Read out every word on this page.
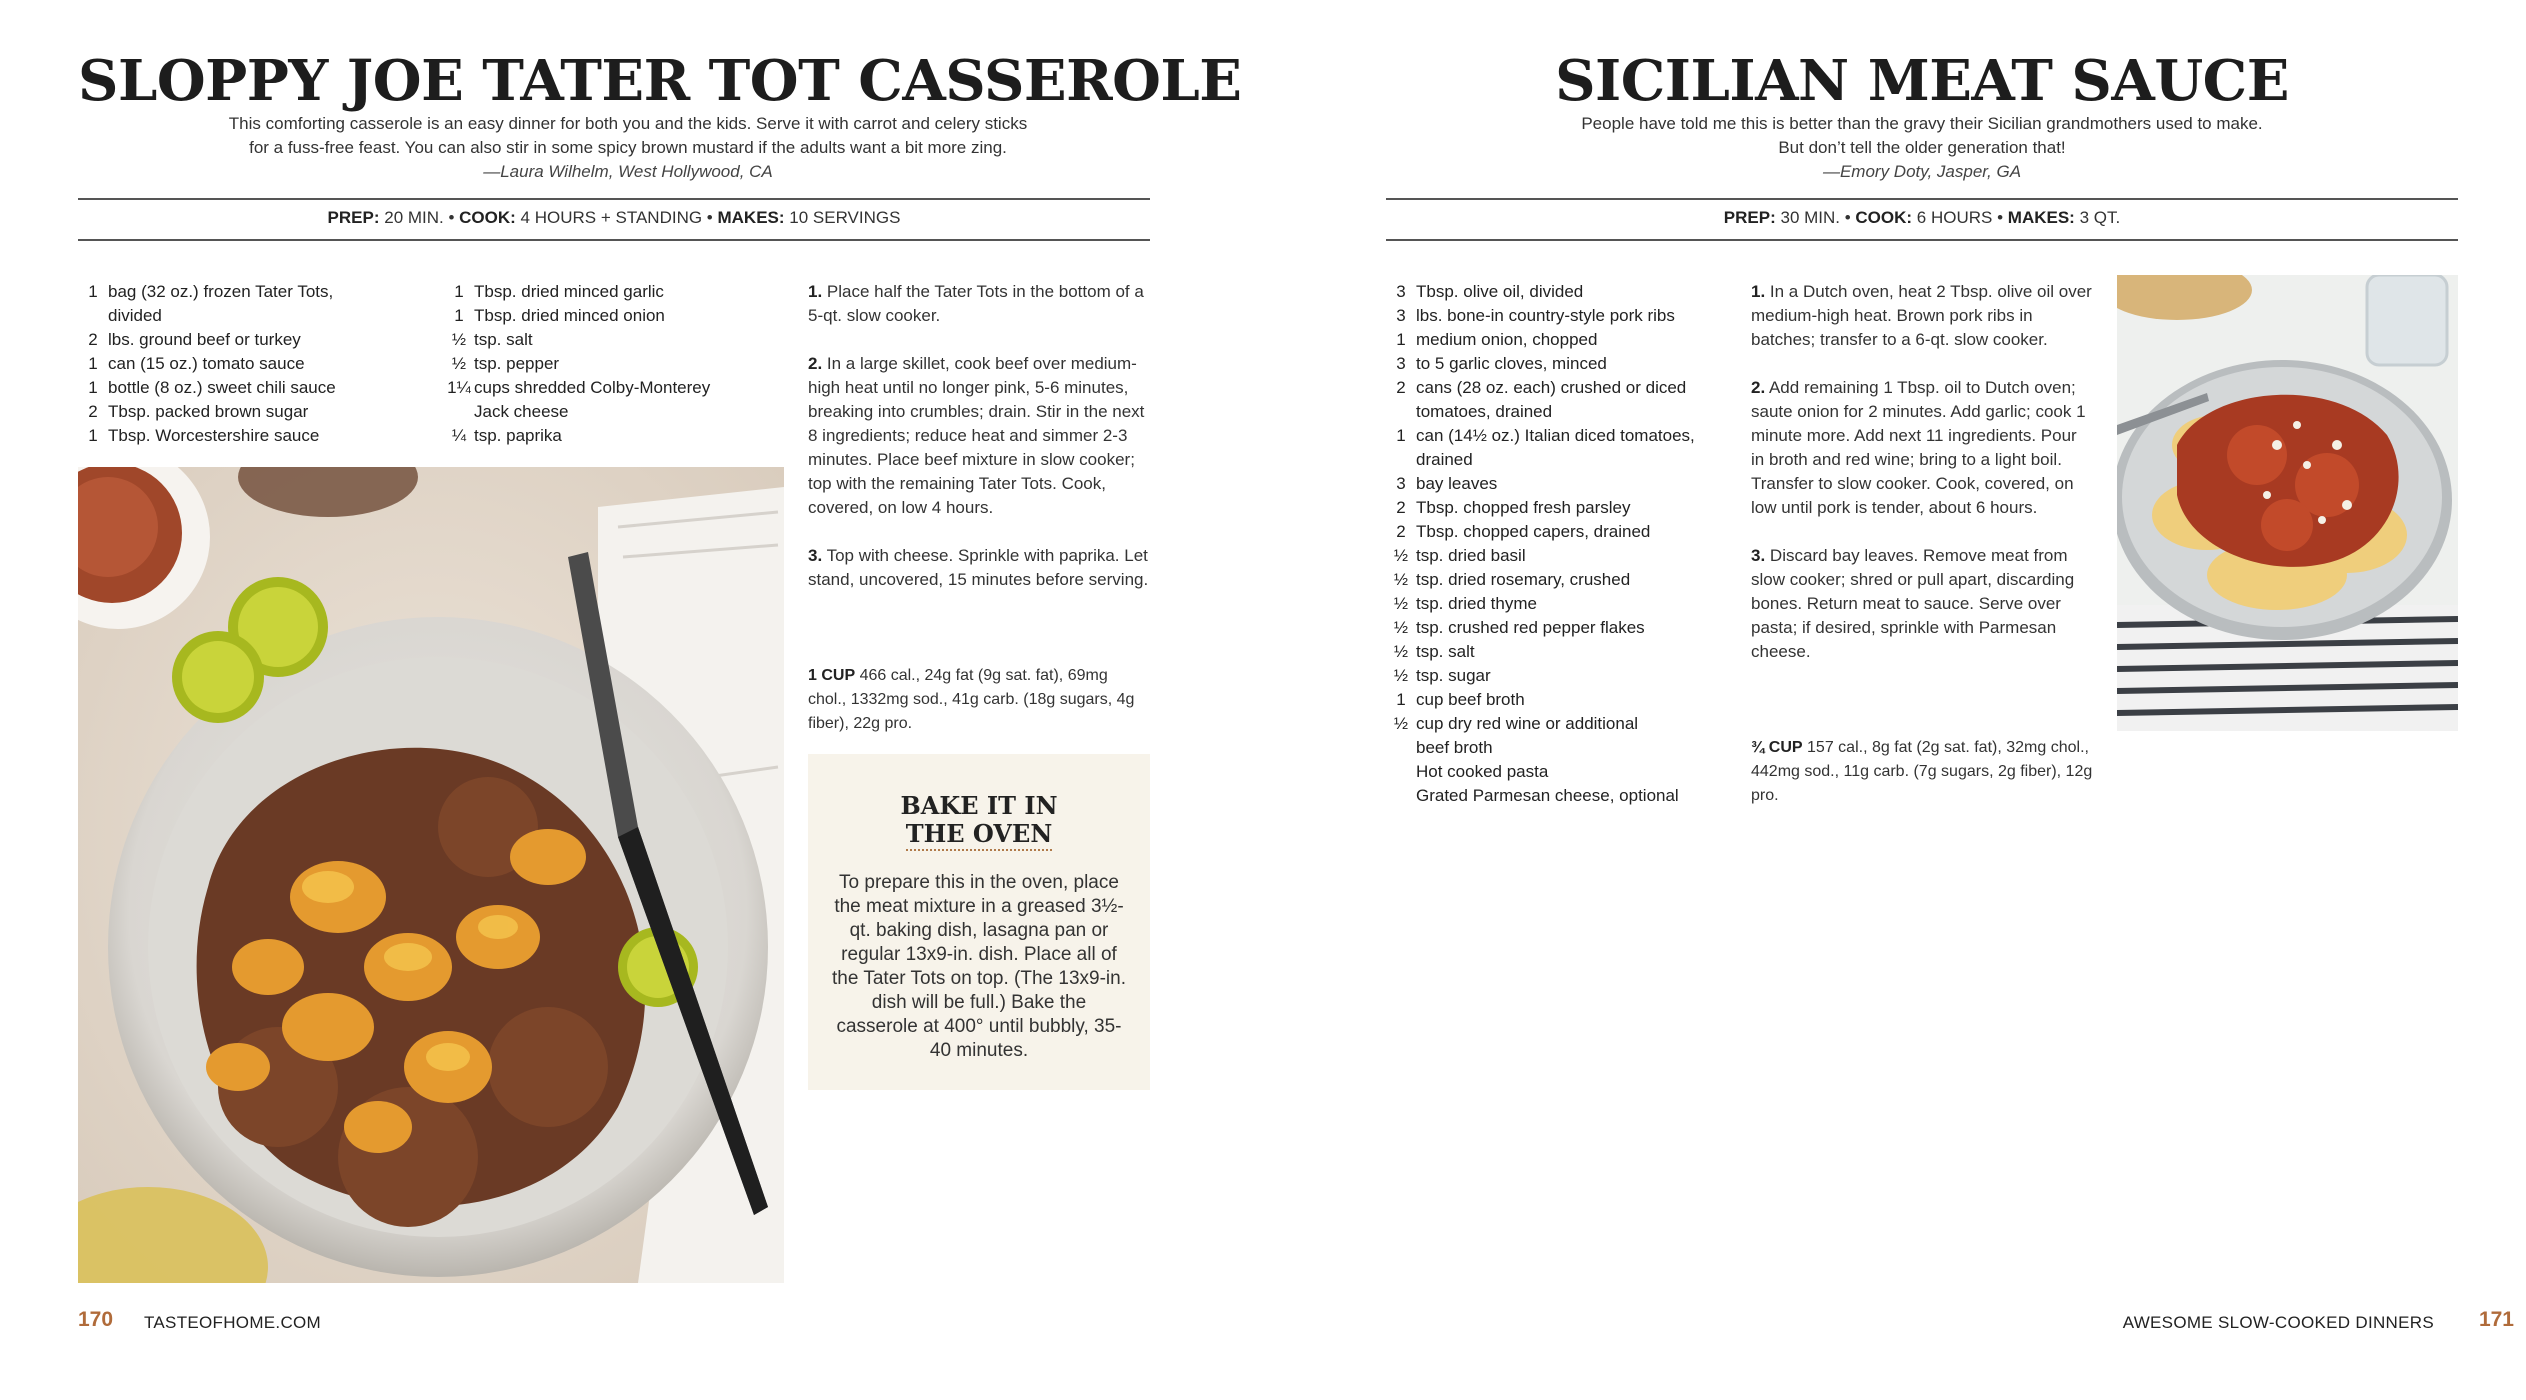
SLOPPY JOE TATER TOT CASSEROLE
This comforting casserole is an easy dinner for both you and the kids. Serve it with carrot and celery sticks
for a fuss-free feast. You can also stir in some spicy brown mustard if the adults want a bit more zing.
—Laura Wilhelm, West Hollywood, CA
PREP: 20 MIN. • COOK: 4 HOURS + STANDING • MAKES: 10 SERVINGS
1 bag (32 oz.) frozen Tater Tots,
divided
2 lbs. ground beef or turkey
1 can (15 oz.) tomato sauce
1 bottle (8 oz.) sweet chili sauce
2 Tbsp. packed brown sugar
1 Tbsp. Worcestershire sauce
1 Tbsp. dried minced garlic
1 Tbsp. dried minced onion
½ tsp. salt
½ tsp. pepper
1¼ cups shredded Colby-Monterey
Jack cheese
¼ tsp. paprika

1. Place half the Tater Tots in the bottom of a 5-qt. slow cooker.

2. In a large skillet, cook beef over medium-high heat until no longer pink, 5-6 minutes, breaking into crumbles; drain. Stir in the next 8 ingredients; reduce heat and simmer 2-3 minutes. Place beef mixture in slow cooker; top with the remaining Tater Tots. Cook, covered, on low 4 hours.

3. Top with cheese. Sprinkle with paprika. Let stand, uncovered, 15 minutes before serving.

1 CUP 466 cal., 24g fat (9g sat. fat), 69mg chol., 1332mg sod., 41g carb. (18g sugars, 4g fiber), 22g pro.
BAKE IT IN
THE OVEN
To prepare this in the oven, place the meat mixture in a greased 3½-qt. baking dish, lasagna pan or regular 13x9-in. dish. Place all of the Tater Tots on top. (The 13x9-in. dish will be full.) Bake the casserole at 400° until bubbly, 35-40 minutes.
170 TASTEOFHOME.COM
SICILIAN MEAT SAUCE
People have told me this is better than the gravy their Sicilian grandmothers used to make.
But don’t tell the older generation that!
—Emory Doty, Jasper, GA
PREP: 30 MIN. • COOK: 6 HOURS • MAKES: 3 QT.
3 Tbsp. olive oil, divided
3 lbs. bone-in country-style pork ribs
1 medium onion, chopped
3 to 5 garlic cloves, minced
2 cans (28 oz. each) crushed or diced
tomatoes, drained
1 can (14½ oz.) Italian diced tomatoes,
drained
3 bay leaves
2 Tbsp. chopped fresh parsley
2 Tbsp. chopped capers, drained
½ tsp. dried basil
½ tsp. dried rosemary, crushed
½ tsp. dried thyme
½ tsp. crushed red pepper flakes
½ tsp. salt
½ tsp. sugar
1 cup beef broth
½ cup dry red wine or additional
beef broth
Hot cooked pasta
Grated Parmesan cheese, optional

1. In a Dutch oven, heat 2 Tbsp. olive oil over medium-high heat. Brown pork ribs in batches; transfer to a 6-qt. slow cooker.

2. Add remaining 1 Tbsp. oil to Dutch oven; saute onion for 2 minutes. Add garlic; cook 1 minute more. Add next 11 ingredients. Pour in broth and red wine; bring to a light boil. Transfer to slow cooker. Cook, covered, on low until pork is tender, about 6 hours.

3. Discard bay leaves. Remove meat from slow cooker; shred or pull apart, discarding bones. Return meat to sauce. Serve over pasta; if desired, sprinkle with Parmesan cheese.

¾ CUP 157 cal., 8g fat (2g sat. fat), 32mg chol., 442mg sod., 11g carb. (7g sugars, 2g fiber), 12g pro.
AWESOME SLOW-COOKED DINNERS	171
